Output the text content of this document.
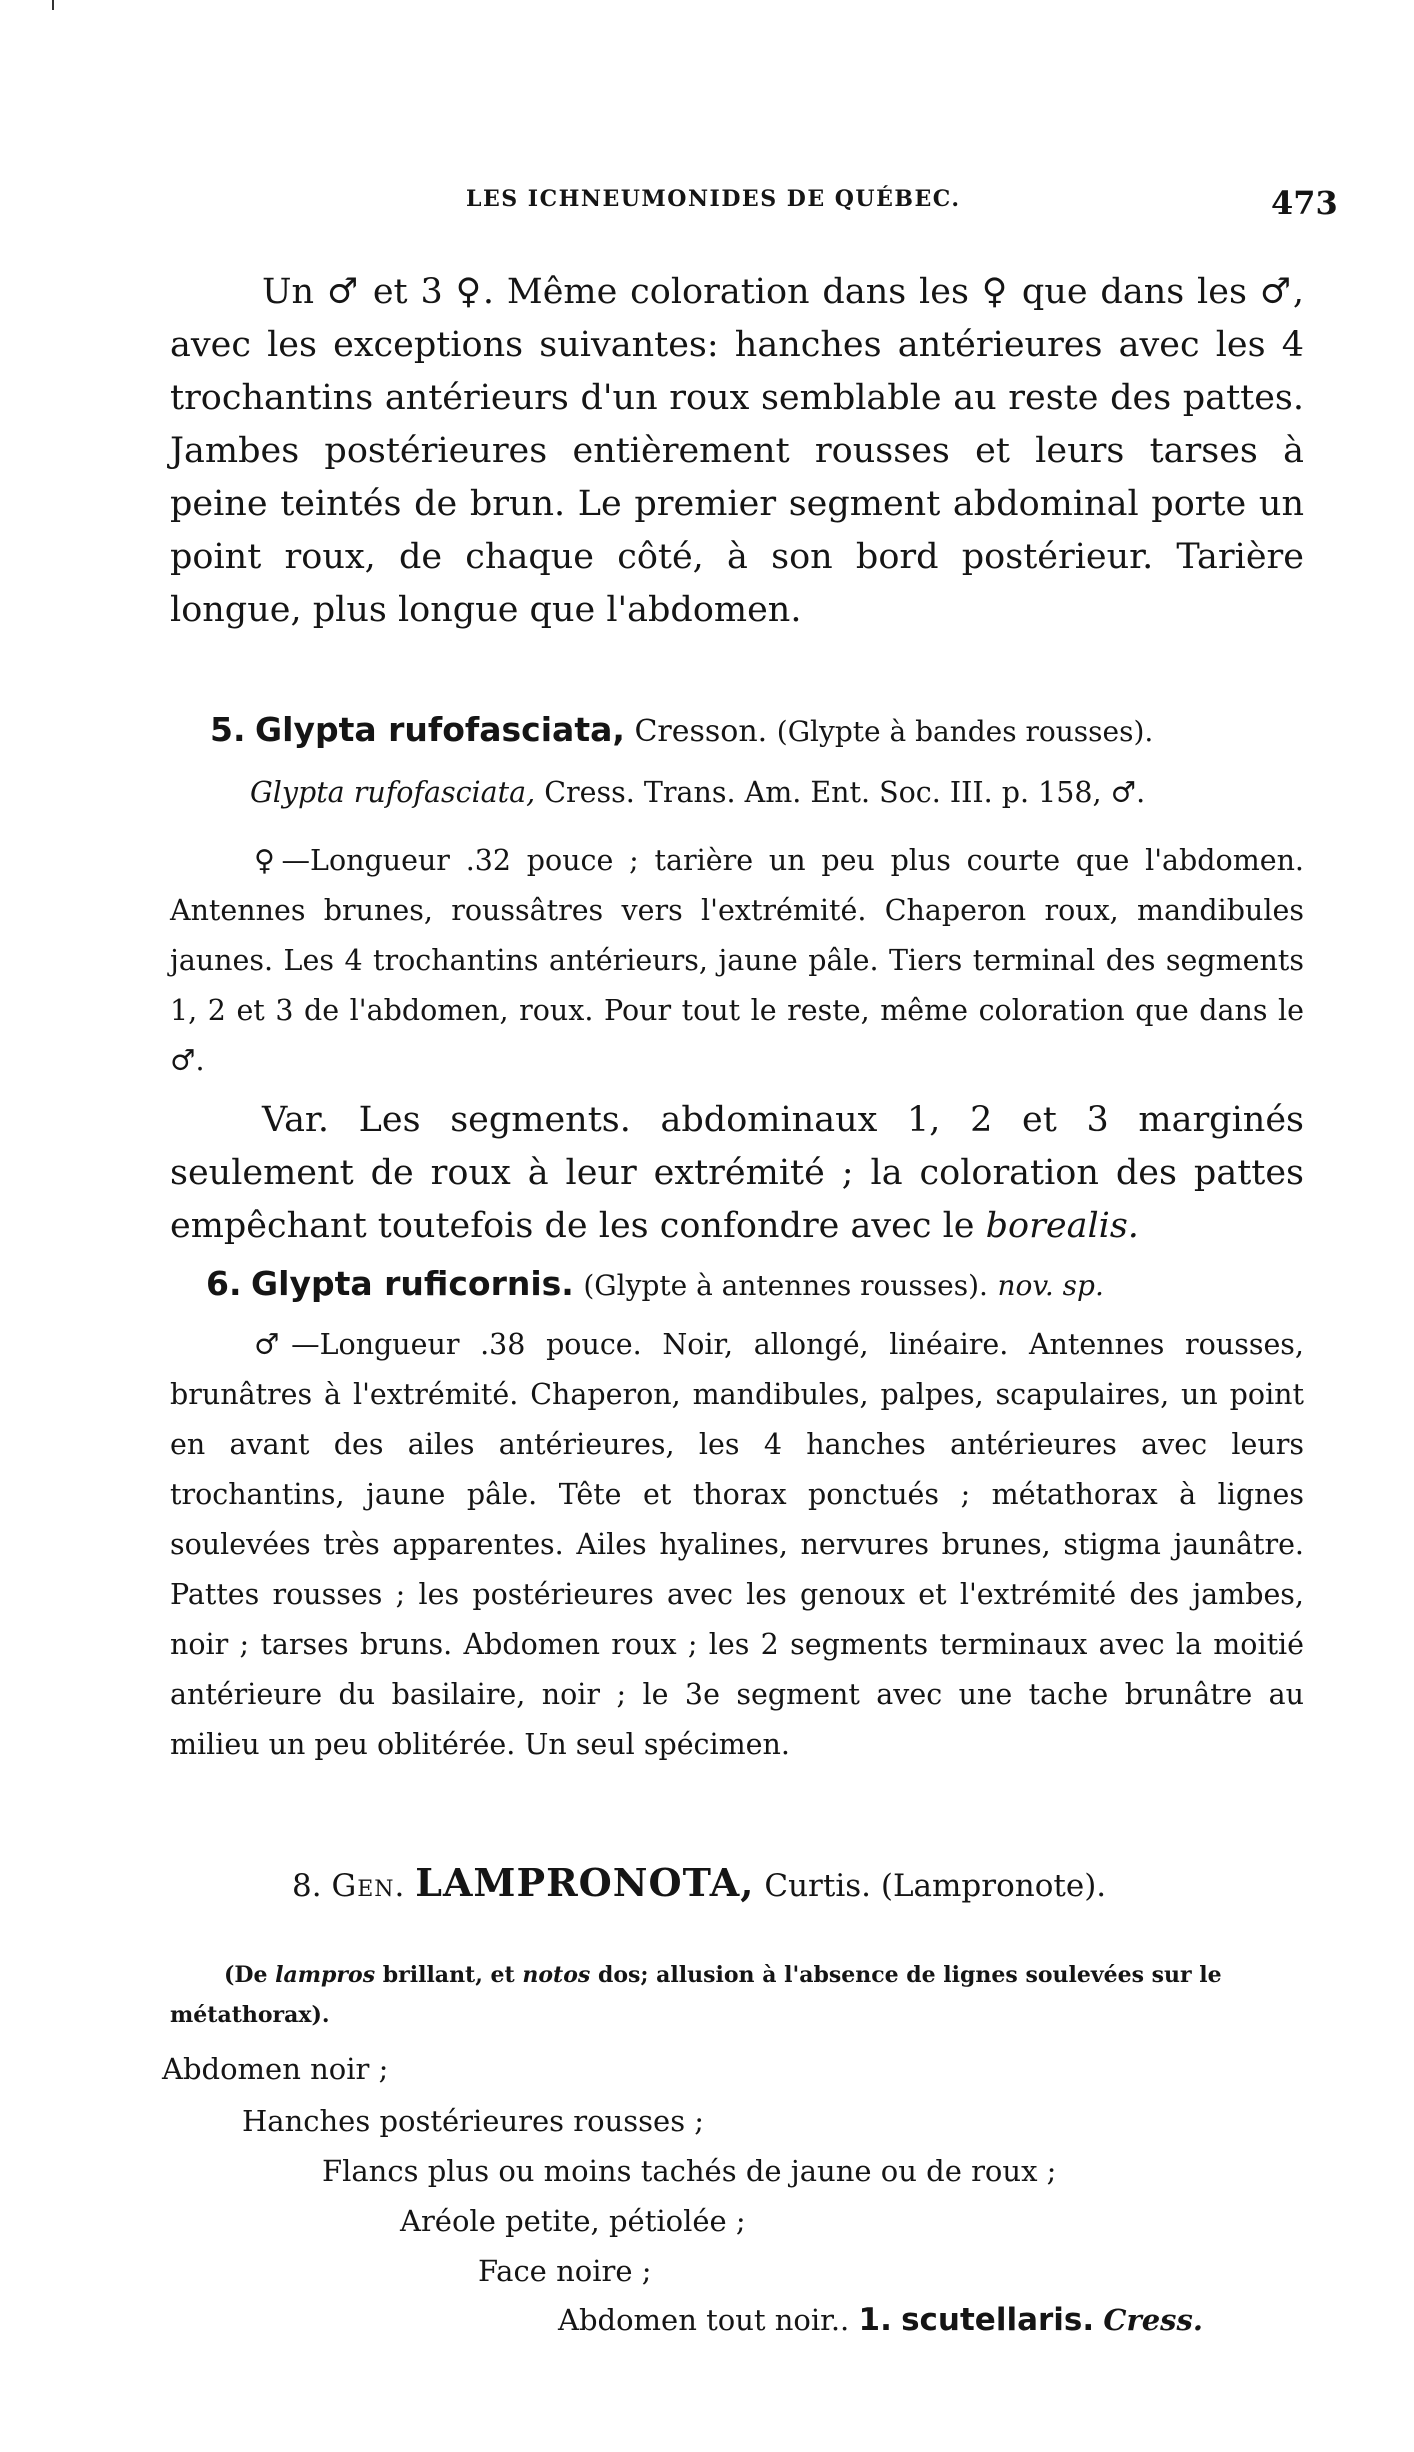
LES ICHNEUMONIDES DE QUÉBEC.	473

Un ♂ et 3 ♀. Même coloration dans les ♀ que dans les ♂, avec les exceptions suivantes: hanches antérieures avec les 4 trochantins antérieurs d'un roux semblable au reste des pattes. Jambes postérieures entièrement rousses et leurs tarses à peine teintés de brun. Le premier segment abdominal porte un point roux, de chaque côté, à son bord postérieur. Tarière longue, plus longue que l'abdomen.

5. Glypta rufofasciata, Cresson. (Glypte à bandes rousses).

Glypta rufofasciata, Cress. Trans. Am. Ent. Soc. III. p. 158, ♂.

♀—Longueur .32 pouce ; tarière un peu plus courte que l'abdomen. Antennes brunes, roussâtres vers l'extrémité. Chaperon roux, mandibules jaunes. Les 4 trochantins antérieurs, jaune pâle. Tiers terminal des segments 1, 2 et 3 de l'abdomen, roux. Pour tout le reste, même coloration que dans le ♂.

Var. Les segments. abdominaux 1, 2 et 3 marginés seulement de roux à leur extrémité ; la coloration des pattes empêchant toutefois de les confondre avec le borealis.

6. Glypta ruficornis. (Glypte à antennes rousses). nov. sp.

♂—Longueur .38 pouce. Noir, allongé, linéaire. Antennes rousses, brunâtres à l'extrémité. Chaperon, mandibules, palpes, scapulaires, un point en avant des ailes antérieures, les 4 hanches antérieures avec leurs trochantins, jaune pâle. Tête et thorax ponctués ; métathorax à lignes soulevées très apparentes. Ailes hyalines, nervures brunes, stigma jaunâtre. Pattes rousses ; les postérieures avec les genoux et l'extrémité des jambes, noir ; tarses bruns. Abdomen roux ; les 2 segments terminaux avec la moitié antérieure du basilaire, noir ; le 3e segment avec une tache brunâtre au milieu un peu oblitérée. Un seul spécimen.

8. Gen. LAMPRONOTA, Curtis. (Lampronote).

(De lampros brillant, et notos dos; allusion à l'absence de lignes soulevées sur le métathorax).

Abdomen noir ;
Hanches postérieures rousses ;
Flancs plus ou moins tachés de jaune ou de roux ;
Aréole petite, pétiolée ;
Face noire ;
Abdomen tout noir.. 1. scutellaris. Cress.
